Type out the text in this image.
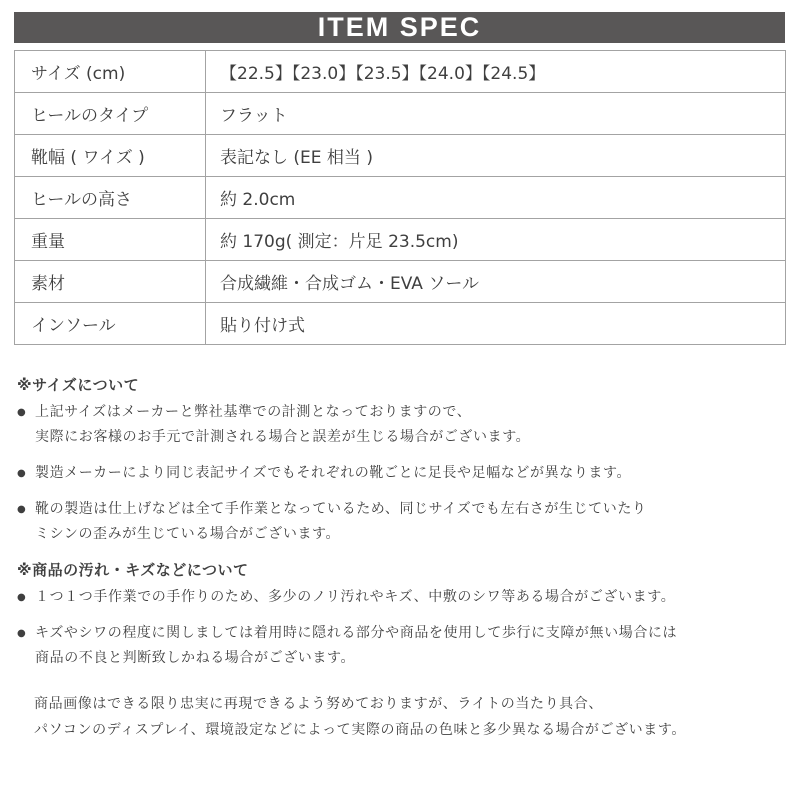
ITEM SPEC
サイズ (cm)	【22.5】【23.0】【23.5】【24.0】【24.5】
ヒールのタイプ	フラット
靴幅 ( ワイズ )	表記なし (EE 相当 )
ヒールの高さ	約 2.0cm
重量	約 170g( 測定：片足 23.5cm)
素材	合成繊維・合成ゴム・EVA ソール
インソール	貼り付け式
※サイズについて
● 上記サイズはメーカーと弊社基準での計測となっておりますので、
実際にお客様のお手元で計測される場合と誤差が生じる場合がございます。
● 製造メーカーにより同じ表記サイズでもそれぞれの靴ごとに足長や足幅などが異なります。
● 靴の製造は仕上げなどは全て手作業となっているため、同じサイズでも左右さが生じていたり
ミシンの歪みが生じている場合がございます。
※商品の汚れ・キズなどについて
● １つ１つ手作業での手作りのため、多少のノリ汚れやキズ、中敷のシワ等ある場合がございます。
● キズやシワの程度に関しましては着用時に隠れる部分や商品を使用して歩行に支障が無い場合には
商品の不良と判断致しかねる場合がございます。
商品画像はできる限り忠実に再現できるよう努めておりますが、ライトの当たり具合、
パソコンのディスプレイ、環境設定などによって実際の商品の色味と多少異なる場合がございます。
